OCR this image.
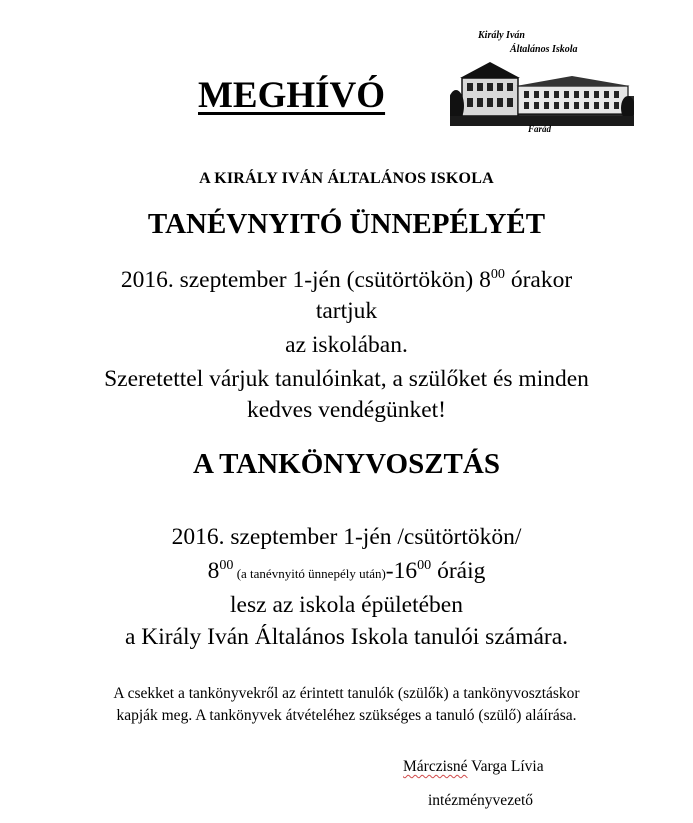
MEGHÍVÓ
Király Iván
Általános Iskola
Farád
A KIRÁLY IVÁN ÁLTALÁNOS ISKOLA
TANÉVNYITÓ ÜNNEPÉLYÉT
2016. szeptember 1-jén (csütörtökön) $8^{00}$ órakor
tartjuk
az iskolában.
Szeretettel várjuk tanulóinkat, a szülőket és minden
kedves vendégünket!
A TANKÖNYVOSZTÁS
2016. szeptember 1-jén /csütörtökön/
$8^{00}$ (a tanévnyitó ünnepély $után)-16^{00}$ óráig
lesz az iskola épületében
a Király Iván Általános Iskola tanulói számára.
A csekket a tankönyvekről az érintett tanulók (szülők) a tankönyvosztáskor
kapják meg. A tankönyvek átvételéhez szükséges a tanuló (szülő) aláírása.
Márczisné Varga Lívia
intézményvezető
